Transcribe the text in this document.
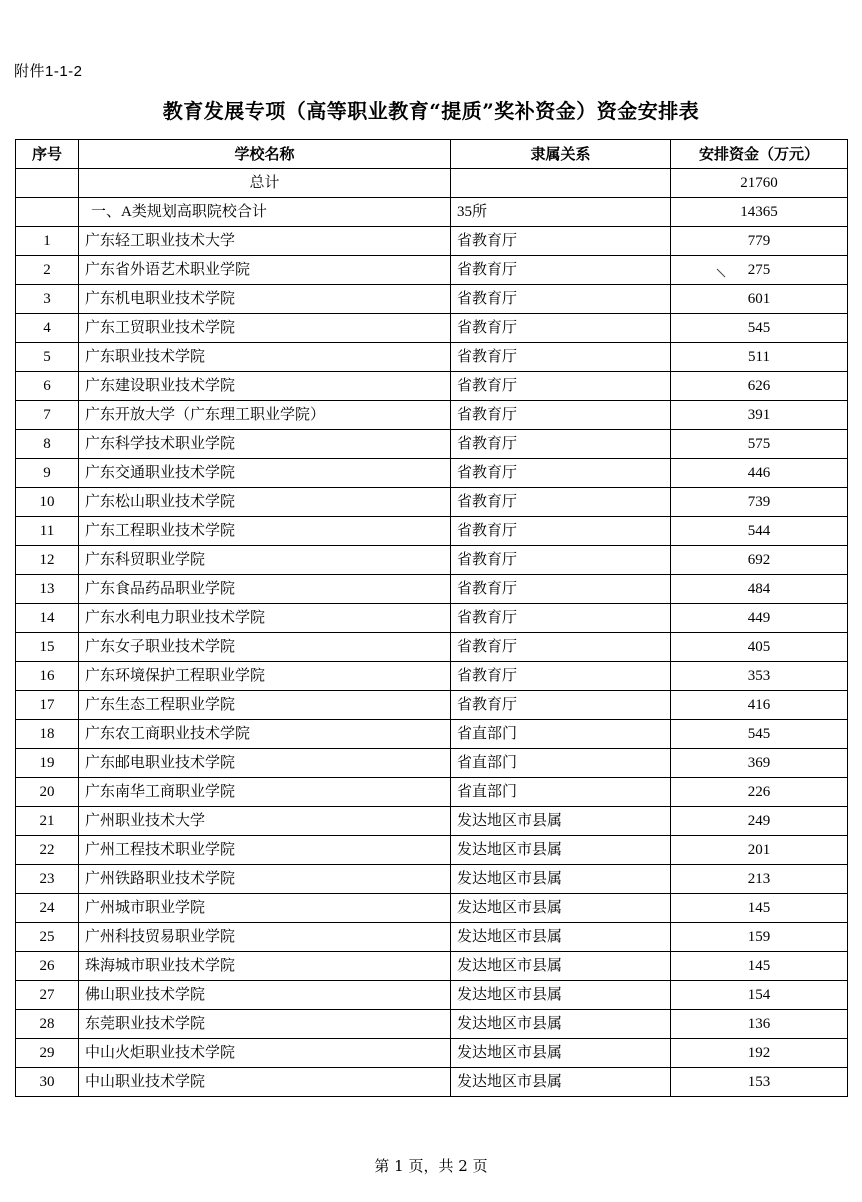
附件1-1-2
教育发展专项（高等职业教育“提质”奖补资金）资金安排表
序号	学校名称	隶属关系	安排资金（万元）
	总计		21760
	一、A类规划高职院校合计	35所	14365
1	广东轻工职业技术大学	省教育厅	779
2	广东省外语艺术职业学院	省教育厅	275
3	广东机电职业技术学院	省教育厅	601
4	广东工贸职业技术学院	省教育厅	545
5	广东职业技术学院	省教育厅	511
6	广东建设职业技术学院	省教育厅	626
7	广东开放大学（广东理工职业学院）	省教育厅	391
8	广东科学技术职业学院	省教育厅	575
9	广东交通职业技术学院	省教育厅	446
10	广东松山职业技术学院	省教育厅	739
11	广东工程职业技术学院	省教育厅	544
12	广东科贸职业学院	省教育厅	692
13	广东食品药品职业学院	省教育厅	484
14	广东水利电力职业技术学院	省教育厅	449
15	广东女子职业技术学院	省教育厅	405
16	广东环境保护工程职业学院	省教育厅	353
17	广东生态工程职业学院	省教育厅	416
18	广东农工商职业技术学院	省直部门	545
19	广东邮电职业技术学院	省直部门	369
20	广东南华工商职业学院	省直部门	226
21	广州职业技术大学	发达地区市县属	249
22	广州工程技术职业学院	发达地区市县属	201
23	广州铁路职业技术学院	发达地区市县属	213
24	广州城市职业学院	发达地区市县属	145
25	广州科技贸易职业学院	发达地区市县属	159
26	珠海城市职业技术学院	发达地区市县属	145
27	佛山职业技术学院	发达地区市县属	154
28	东莞职业技术学院	发达地区市县属	136
29	中山火炬职业技术学院	发达地区市县属	192
30	中山职业技术学院	发达地区市县属	153
第 1 页，共 2 页
